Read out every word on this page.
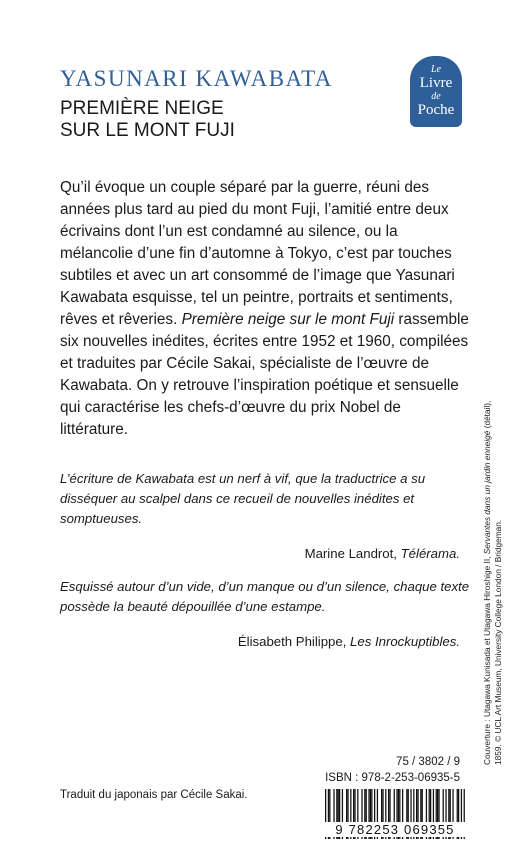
YASUNARI KAWABATA
PREMIÈRE NEIGE
SUR LE MONT FUJI
Le
Livre
de
Poche

Qu’il évoque un couple séparé par la guerre, réuni des années plus tard au pied du mont Fuji, l’amitié entre deux écrivains dont l’un est condamné au silence, ou la mélancolie d’une fin d’automne à Tokyo, c’est par touches subtiles et avec un art consommé de l’image que Yasunari Kawabata esquisse, tel un peintre, portraits et sentiments, rêves et rêveries. Première neige sur le mont Fuji rassemble six nouvelles inédites, écrites entre 1952 et 1960, compilées et traduites par Cécile Sakai, spécialiste de l’œuvre de Kawabata. On y retrouve l’inspiration poétique et sensuelle qui caractérise les chefs-d’œuvre du prix Nobel de littérature.

L’écriture de Kawabata est un nerf à vif, que la traductrice a su disséquer au scalpel dans ce recueil de nouvelles inédites et somptueuses.
Marine Landrot, Télérama.
Esquissé autour d’un vide, d’un manque ou d’un silence, chaque texte possède la beauté dépouillée d’une estampe.
Élisabeth Philippe, Les Inrockuptibles.
75 / 3802 / 9
ISBN : 978-2-253-06935-5
Traduit du japonais par Cécile Sakai.
9 782253 069355
Couverture : Utagawa Kunisada et Utagawa Hiroshige II, Servantes dans un jardin enneigé (détail), 1859. © UCL Art Museum, University College London / Bridgeman.
